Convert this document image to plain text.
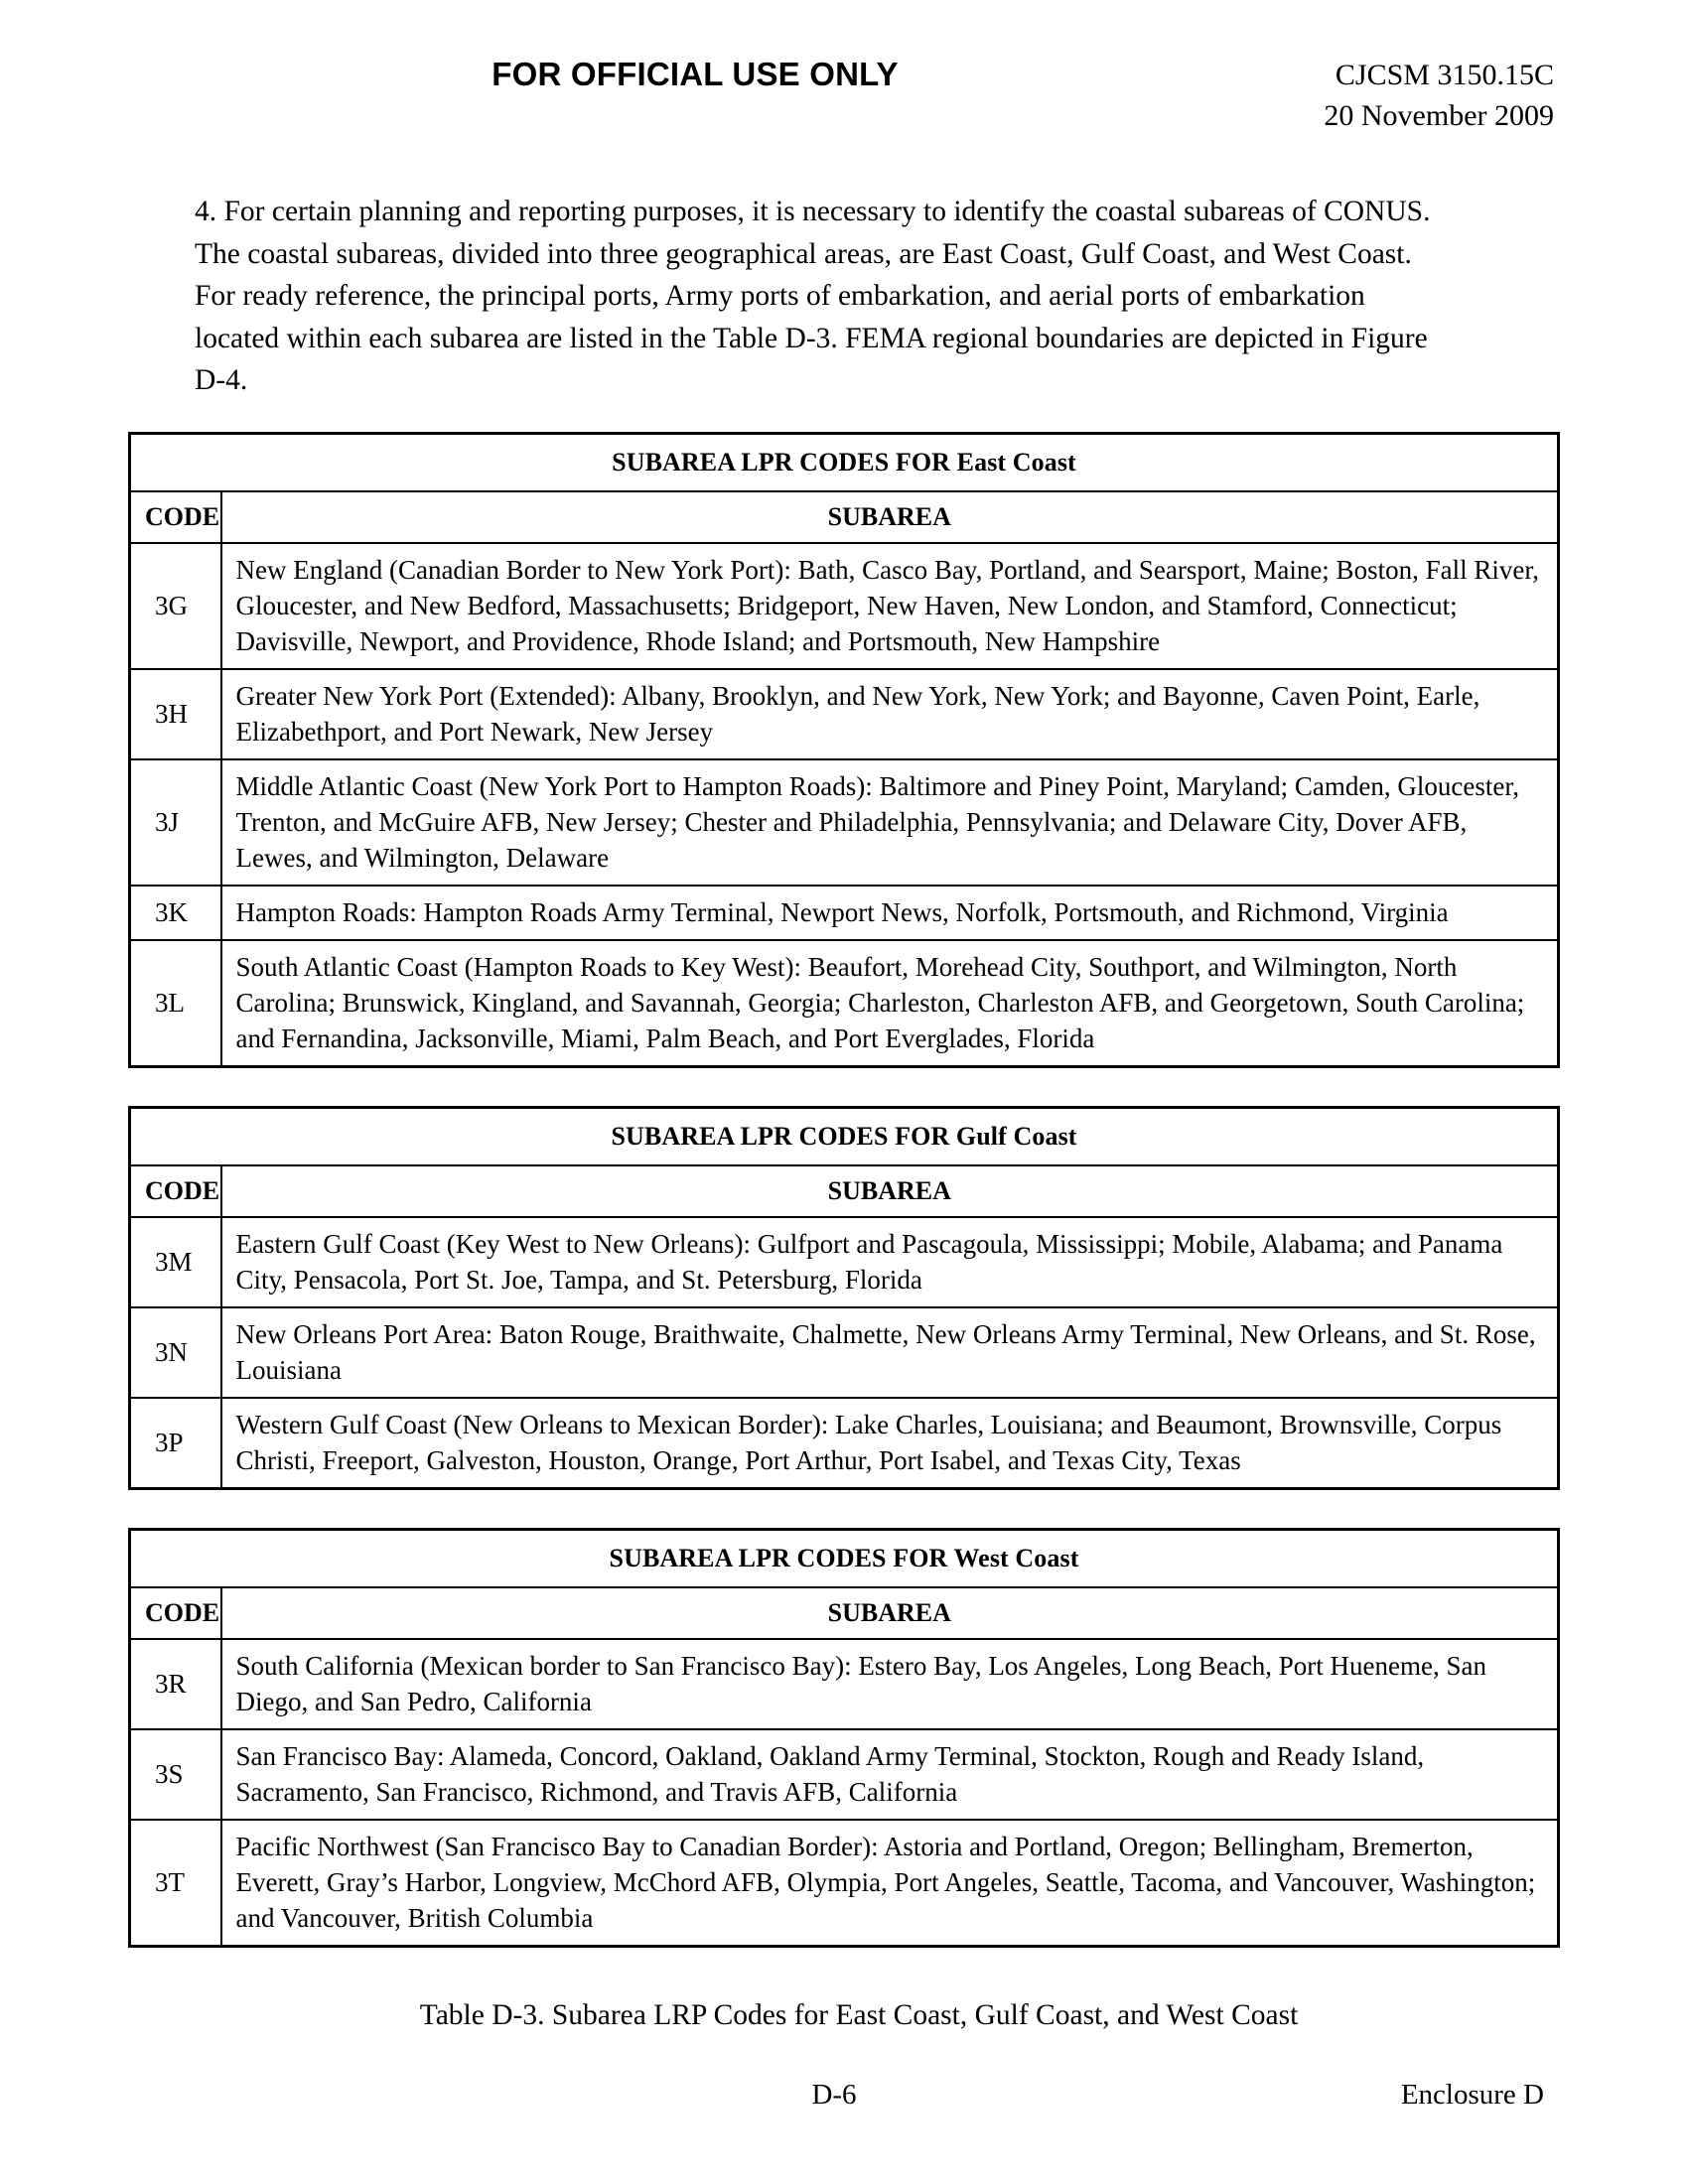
FOR OFFICIAL USE ONLY	CJCSM 3150.15C
20 November 2009
4. For certain planning and reporting purposes, it is necessary to identify the coastal subareas of CONUS. The coastal subareas, divided into three geographical areas, are East Coast, Gulf Coast, and West Coast. For ready reference, the principal ports, Army ports of embarkation, and aerial ports of embarkation located within each subarea are listed in the Table D-3. FEMA regional boundaries are depicted in Figure D-4.
SUBAREA LPR CODES FOR East Coast	
CODE	SUBAREA
3G	New England (Canadian Border to New York Port): Bath, Casco Bay, Portland, and Searsport, Maine; Boston, Fall River, Gloucester, and New Bedford, Massachusetts; Bridgeport, New Haven, New London, and Stamford, Connecticut; Davisville, Newport, and Providence, Rhode Island; and Portsmouth, New Hampshire
3H	Greater New York Port (Extended): Albany, Brooklyn, and New York, New York; and Bayonne, Caven Point, Earle, Elizabethport, and Port Newark, New Jersey
3J	Middle Atlantic Coast (New York Port to Hampton Roads): Baltimore and Piney Point, Maryland; Camden, Gloucester, Trenton, and McGuire AFB, New Jersey; Chester and Philadelphia, Pennsylvania; and Delaware City, Dover AFB, Lewes, and Wilmington, Delaware
3K	Hampton Roads: Hampton Roads Army Terminal, Newport News, Norfolk, Portsmouth, and Richmond, Virginia
3L	South Atlantic Coast (Hampton Roads to Key West): Beaufort, Morehead City, Southport, and Wilmington, North Carolina; Brunswick, Kingland, and Savannah, Georgia; Charleston, Charleston AFB, and Georgetown, South Carolina; and Fernandina, Jacksonville, Miami, Palm Beach, and Port Everglades, Florida
SUBAREA LPR CODES FOR Gulf Coast	
CODE	SUBAREA
3M	Eastern Gulf Coast (Key West to New Orleans): Gulfport and Pascagoula, Mississippi; Mobile, Alabama; and Panama City, Pensacola, Port St. Joe, Tampa, and St. Petersburg, Florida
3N	New Orleans Port Area: Baton Rouge, Braithwaite, Chalmette, New Orleans Army Terminal, New Orleans, and St. Rose, Louisiana
3P	Western Gulf Coast (New Orleans to Mexican Border): Lake Charles, Louisiana; and Beaumont, Brownsville, Corpus Christi, Freeport, Galveston, Houston, Orange, Port Arthur, Port Isabel, and Texas City, Texas
SUBAREA LPR CODES FOR West Coast	
CODE	SUBAREA
3R	South California (Mexican border to San Francisco Bay): Estero Bay, Los Angeles, Long Beach, Port Hueneme, San Diego, and San Pedro, California
3S	San Francisco Bay: Alameda, Concord, Oakland, Oakland Army Terminal, Stockton, Rough and Ready Island, Sacramento, San Francisco, Richmond, and Travis AFB, California
3T	Pacific Northwest (San Francisco Bay to Canadian Border): Astoria and Portland, Oregon; Bellingham, Bremerton, Everett, Gray’s Harbor, Longview, McChord AFB, Olympia, Port Angeles, Seattle, Tacoma, and Vancouver, Washington; and Vancouver, British Columbia
Table D-3. Subarea LRP Codes for East Coast, Gulf Coast, and West Coast
D-6	Enclosure D
